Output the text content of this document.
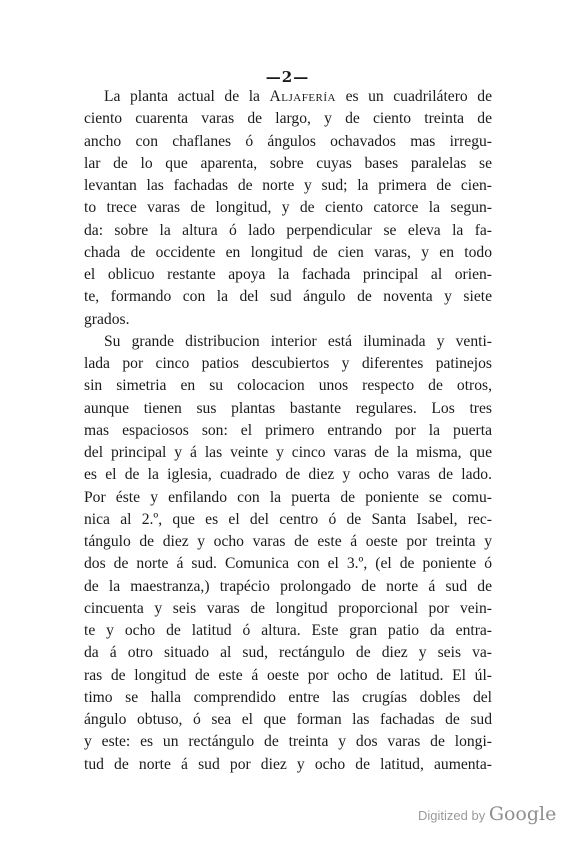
—2—
La planta actual de la Aljafería es un cuadrilátero de
ciento cuarenta varas de largo, y de ciento treinta de
ancho con chaflanes ó ángulos ochavados mas irregu-
lar de lo que aparenta, sobre cuyas bases paralelas se
levantan las fachadas de norte y sud; la primera de cien-
to trece varas de longitud, y de ciento catorce la segun-
da: sobre la altura ó lado perpendicular se eleva la fa-
chada de occidente en longitud de cien varas, y en todo
el oblicuo restante apoya la fachada principal al orien-
te, formando con la del sud ángulo de noventa y siete
grados.
Su grande distribucion interior está iluminada y venti-
lada por cinco patios descubiertos y diferentes patinejos
sin simetria en su colocacion unos respecto de otros,
aunque tienen sus plantas bastante regulares. Los tres
mas espaciosos son: el primero entrando por la puerta
del principal y á las veinte y cinco varas de la misma, que
es el de la iglesia, cuadrado de diez y ocho varas de lado.
Por éste y enfilando con la puerta de poniente se comu-
nica al 2.º, que es el del centro ó de Santa Isabel, rec-
tángulo de diez y ocho varas de este á oeste por treinta y
dos de norte á sud. Comunica con el 3.º, (el de poniente ó
de la maestranza,) trapécio prolongado de norte á sud de
cincuenta y seis varas de longitud proporcional por vein-
te y ocho de latitud ó altura. Este gran patio da entra-
da á otro situado al sud, rectángulo de diez y seis va-
ras de longitud de este á oeste por ocho de latitud. El úl-
timo se halla comprendido entre las crugías dobles del
ángulo obtuso, ó sea el que forman las fachadas de sud
y este: es un rectángulo de treinta y dos varas de longi-
tud de norte á sud por diez y ocho de latitud, aumenta-
Digitized by Google
